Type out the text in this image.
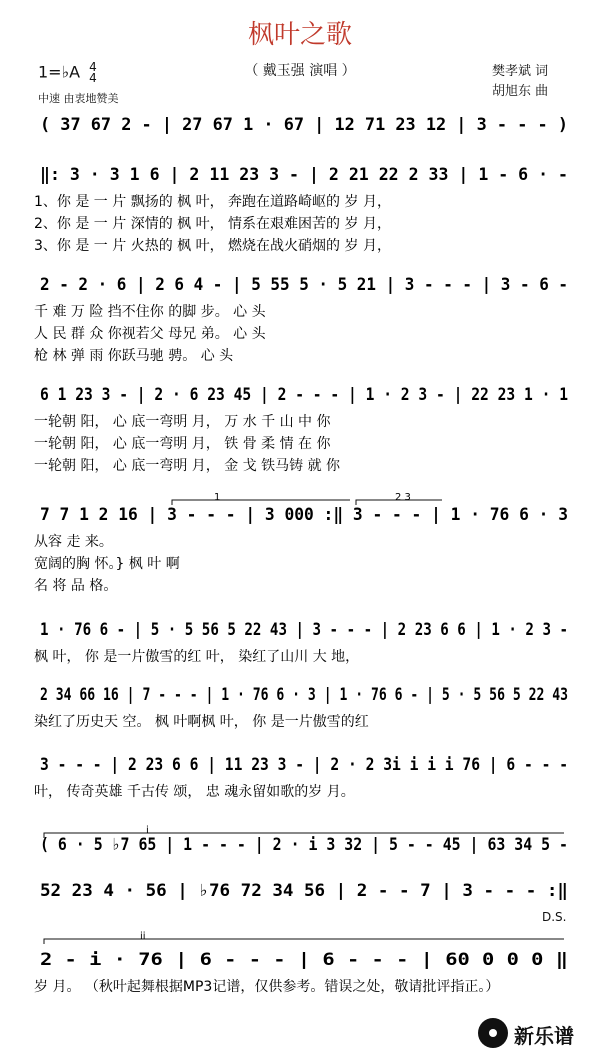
枫叶之歌
（ 戴玉强 演唱 ）
1=♭A 4
4
中速 由衷地赞美
樊孝斌 词
胡旭东 曲
( 37 67 2 - | 27 67 1 · 67 | 12 71 23 12 | 3 - - - )
‖: 3 · 3 1 6 | 2 11 23 3 - | 2 21 22 2 33 | 1 - 6 · -
1、你 是 一 片 飘扬的 枫 叶， 奔跑在道路崎岖的 岁 月，
2、你 是 一 片 深情的 枫 叶， 情系在艰难困苦的 岁 月，
3、你 是 一 片 火热的 枫 叶， 燃烧在战火硝烟的 岁 月，
2 - 2 · 6 | 2 6 4 - | 5 55 5 · 5 21 | 3 - - - | 3 - 6 -
千 难 万 险 挡不住你 的脚 步。 心 头
人 民 群 众 你视若父 母兄 弟。 心 头
枪 林 弹 雨 你跃马驰 骋。 心 头
6 1 23 3 - | 2 · 6 23 45 | 2 - - - | 1 · 2 3 - | 22 23 1 · 1
一轮朝 阳， 心 底一弯明 月， 万 水 千 山 中 你
一轮朝 阳， 心 底一弯明 月， 铁 骨 柔 情 在 你
一轮朝 阳， 心 底一弯明 月， 金 戈 铁马铸 就 你
7 7 1 2 16 | 3 - - - | 3 000 :‖ 3 - - - | 1 · 76 6 · 3
从容 走 来。
宽阔的胸 怀。} 枫 叶 啊
名 将 品 格。
1 · 76 6 - | 5 · 5 56 5 22 43 | 3 - - - | 2 23 6 6 | 1 · 2 3 -
枫 叶， 你 是一片傲雪的红 叶， 染红了山川 大 地，
2 34 66 16 | 7 - - - | 1 · 76 6 · 3 | 1 · 76 6 - | 5 · 5 56 5 22 43
染红了历史天 空。 枫 叶啊枫 叶， 你 是一片傲雪的红
3 - - - | 2 23 6 6 | 11 23 3 - | 2 · 2 3i i i i 76 | 6 - - -
叶， 传奇英雄 千古传 颂， 忠 魂永留如歌的岁 月。
( 6 · 5 ♭7 65 | 1 - - - | 2 · i 3 32 | 5 - - 45 | 63 34 5 -
52 23 4 · 56 | ♭76 72 34 56 | 2 - - 7 | 3 - - - :‖
2 - i · 76 | 6 - - - | 6 - - - | 60 0 0 0 ‖
岁 月。 （秋叶起舞根据MP3记谱，仅供参考。错误之处，敬请批评指正。）
1	2 3
i
ii
D.S.
新乐谱
